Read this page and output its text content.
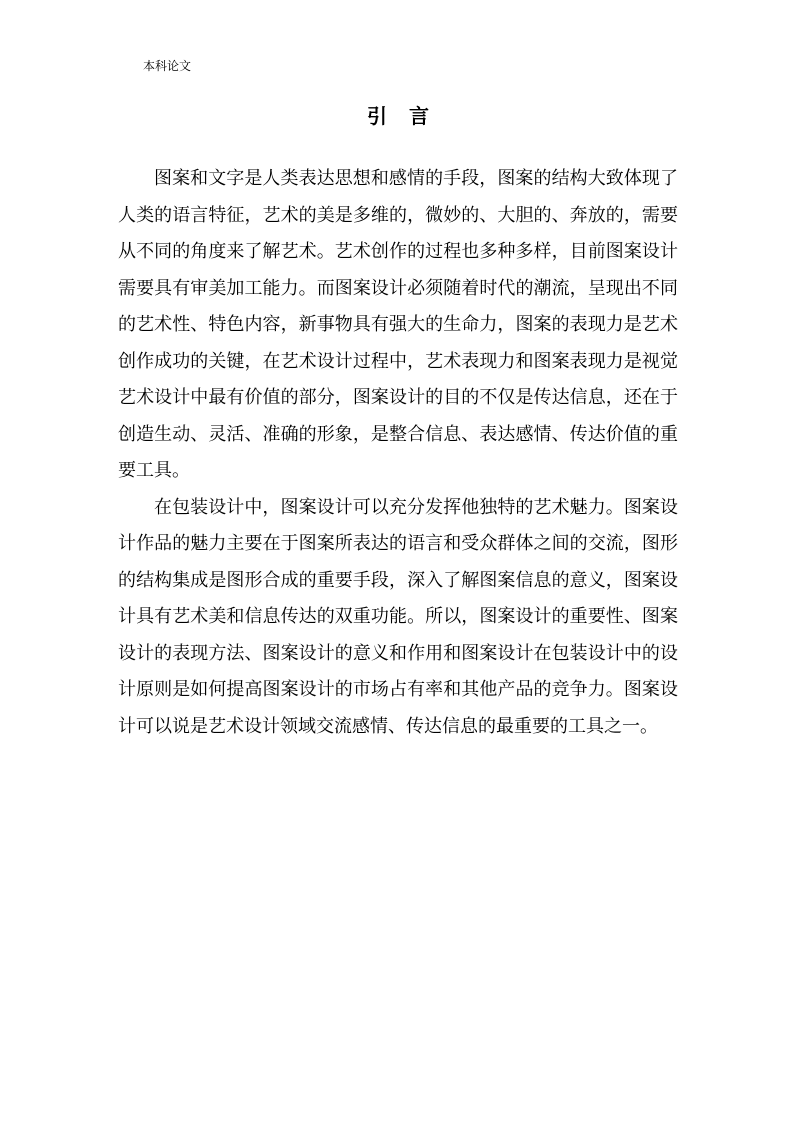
本科论文
引言

图案和文字是人类表达思想和感情的手段，图案的结构大致体现了人类的语言特征，艺术的美是多维的，微妙的、大胆的、奔放的，需要从不同的角度来了解艺术。艺术创作的过程也多种多样，目前图案设计需要具有审美加工能力。而图案设计必须随着时代的潮流，呈现出不同的艺术性、特色内容，新事物具有强大的生命力，图案的表现力是艺术创作成功的关键，在艺术设计过程中，艺术表现力和图案表现力是视觉艺术设计中最有价值的部分，图案设计的目的不仅是传达信息，还在于创造生动、灵活、准确的形象，是整合信息、表达感情、传达价值的重要工具。

在包装设计中，图案设计可以充分发挥他独特的艺术魅力。图案设计作品的魅力主要在于图案所表达的语言和受众群体之间的交流，图形的结构集成是图形合成的重要手段，深入了解图案信息的意义，图案设计具有艺术美和信息传达的双重功能。所以，图案设计的重要性、图案设计的表现方法、图案设计的意义和作用和图案设计在包装设计中的设计原则是如何提高图案设计的市场占有率和其他产品的竞争力。图案设计可以说是艺术设计领域交流感情、传达信息的最重要的工具之一。
